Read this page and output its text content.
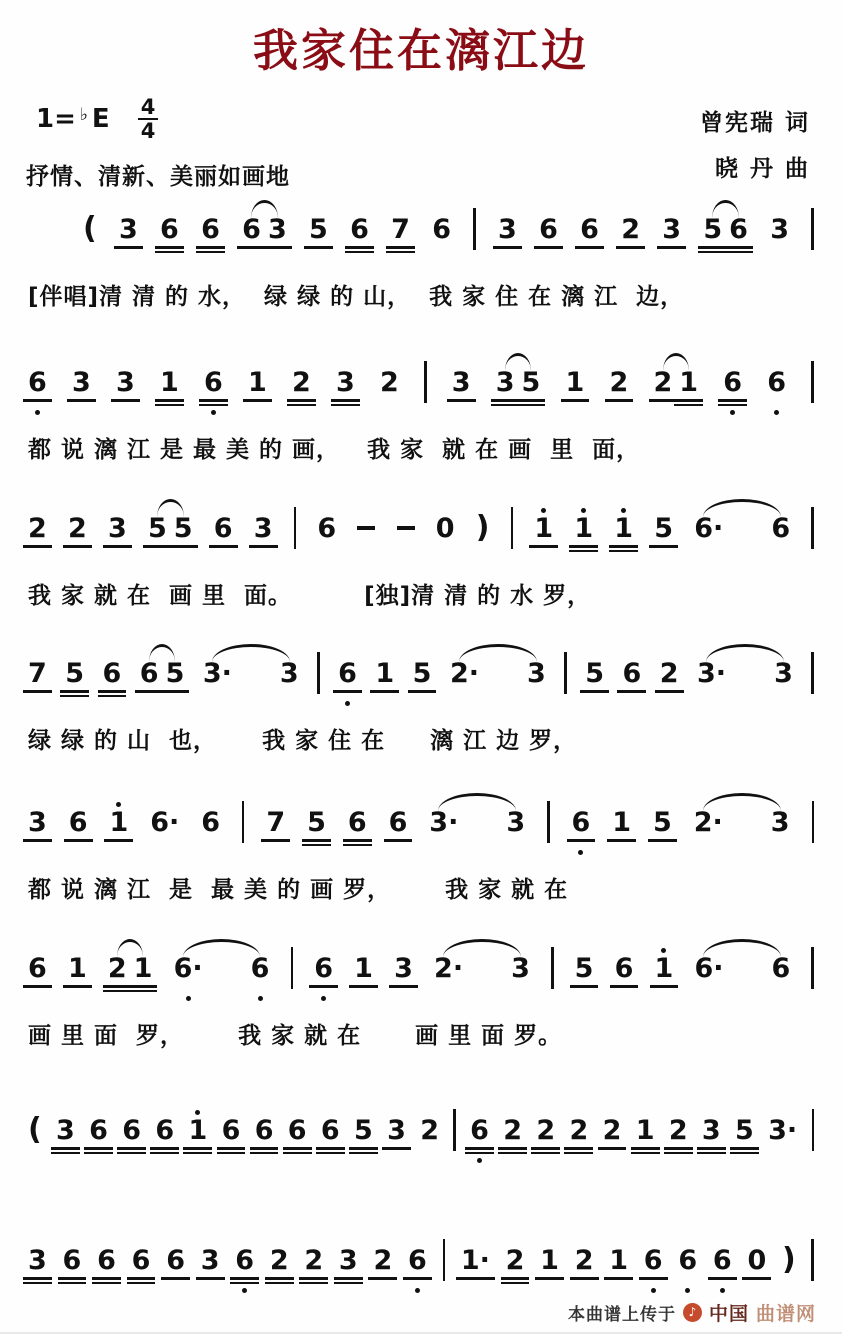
我家住在漓江边
1=♭ E $\frac{4}{4}$
抒情、清新、美丽如画地
曾宪瑞 词
晓 丹 曲
( 3 6 6 6 3 5 6 7 6 3 6 6 2 3 5 6 3
[伴唱]清 清 的 水，  绿 绿 的 山，  我 家 住 在 漓 江  边，
6 3 3 1 6 1 2 3 2 3 3 5 1 2 2 1 6 6
都 说 漓 江 是 最 美 的 画，   我 家  就 在 画  里  面，
2 2 3 5 5 6 3 6	0 ) 1 1 1 5 6· 6
我 家 就 在  画 里  面。        [独]清 清 的 水 罗，
7 5 6 6 5 3· 3 6 1 5 2· 3 5 6 2 3· 3
绿 绿 的 山  也，     我 家 住 在     漓 江 边 罗，
3 6 1 6· 6 7 5 6 6 3· 3 6 1 5 2· 3
都 说 漓 江  是  最 美 的 画 罗，      我 家 就 在
6 1 2 1 6· 6 6 1 3 2· 3 5 6 1 6· 6
画 里 面  罗，      我 家 就 在      画 里 面 罗。
( 3 6 6 6 1 6 6 6 6 5 3 2 6 2 2 2 2 1 2 3 5 3·
3 6 6 6 6 3 6 2 2 3 2 6 1· 2 1 2 1 6 6 6 0 )
本曲谱上传于	♪ 中国 曲谱网
